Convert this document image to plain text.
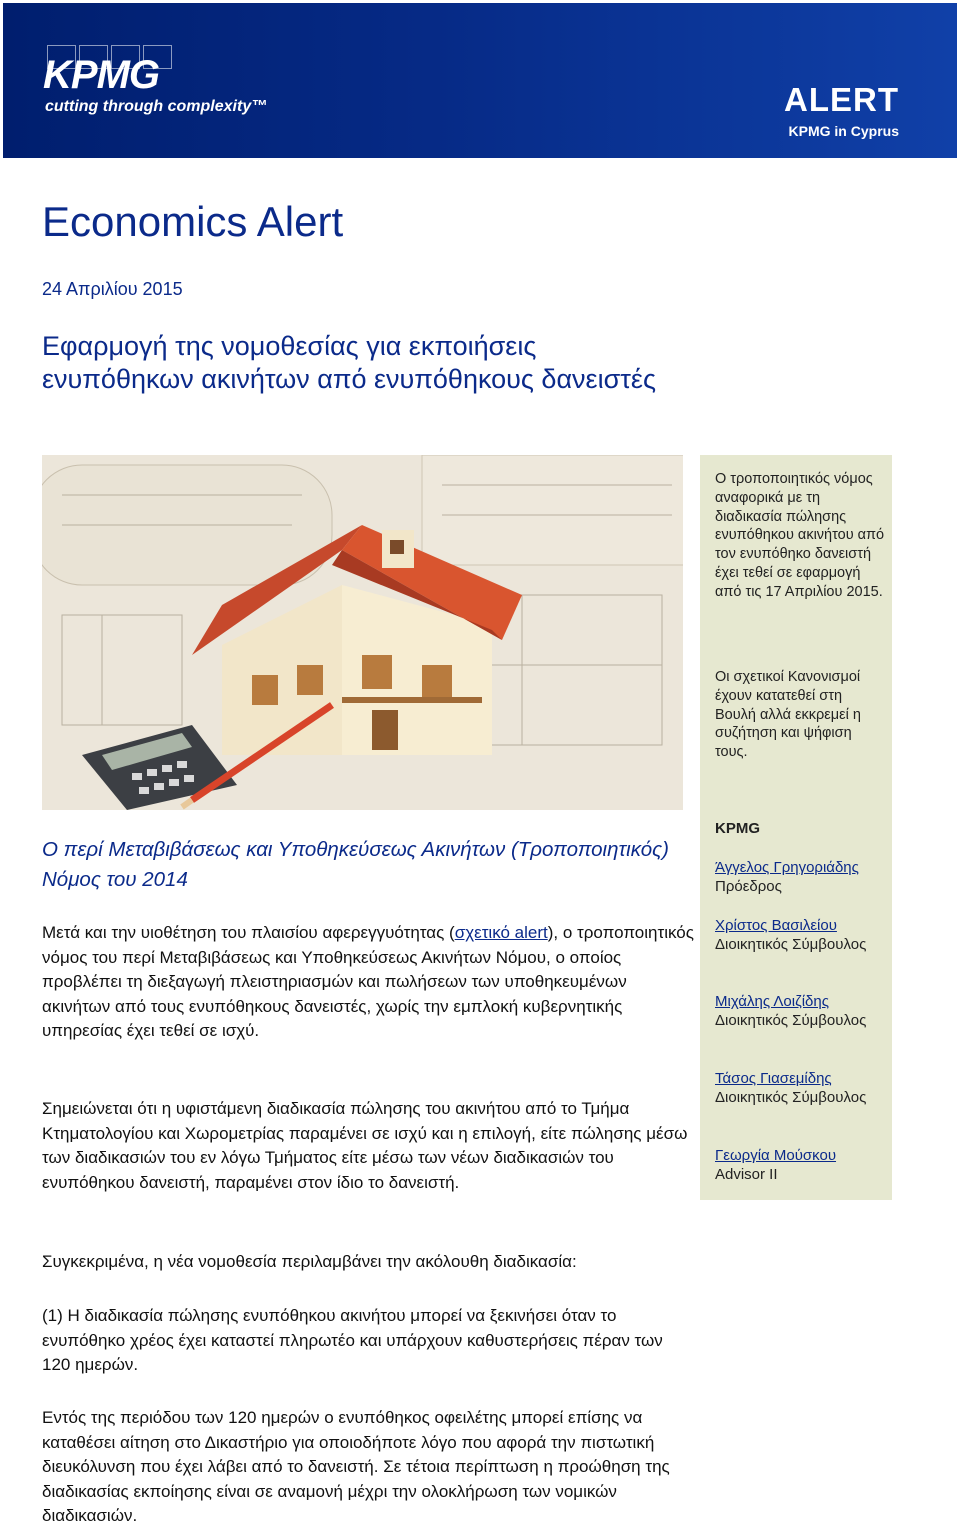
KPMG
cutting through complexity™	ALERT
KPMG in Cyprus
Economics Alert
24 Απριλίου 2015
Εφαρμογή της νομοθεσίας για εκποιήσεις ενυπόθηκων ακινήτων από ενυπόθηκους δανειστές

Ο τροποποιητικός νόμος αναφορικά με τη διαδικασία πώλησης ενυπόθηκου ακινήτου από τον ενυπόθηκο δανειστή έχει τεθεί σε εφαρμογή από τις 17 Απριλίου 2015.

Οι σχετικοί Κανονισμοί έχουν κατατεθεί στη Βουλή αλλά εκκρεμεί η συζήτηση και ψήφιση τους.

KPMG
Άγγελος Γρηγοριάδης
Πρόεδρος
Χρίστος Βασιλείου
Διοικητικός Σύμβουλος
Μιχάλης Λοιζίδης
Διοικητικός Σύμβουλος
Τάσος Γιασεμίδης
Διοικητικός Σύμβουλος
Γεωργία Μούσκου
Advisor II
Ο περί Μεταβιβάσεως και Υποθηκεύσεως Ακινήτων (Τροποποιητικός) Νόμος του 2014

Μετά και την υιοθέτηση του πλαισίου αφερεγγυότητας (σχετικό alert), ο τροποποιητικός νόμος του περί Μεταβιβάσεως και Υποθηκεύσεως Ακινήτων Νόμου, ο οποίος προβλέπει τη διεξαγωγή πλειστηριασμών και πωλήσεων των υποθηκευμένων ακινήτων από τους ενυπόθηκους δανειστές, χωρίς την εμπλοκή κυβερνητικής υπηρεσίας έχει τεθεί σε ισχύ.

Σημειώνεται ότι η υφιστάμενη διαδικασία πώλησης του ακινήτου από το Τμήμα Κτηματολογίου και Χωρομετρίας παραμένει σε ισχύ και η επιλογή, είτε πώλησης μέσω των διαδικασιών του εν λόγω Τμήματος είτε μέσω των νέων διαδικασιών του ενυπόθηκου δανειστή, παραμένει στον ίδιο το δανειστή.

Συγκεκριμένα, η νέα νομοθεσία περιλαμβάνει την ακόλουθη διαδικασία:

(1) Η διαδικασία πώλησης ενυπόθηκου ακινήτου μπορεί να ξεκινήσει όταν το ενυπόθηκο χρέος έχει καταστεί πληρωτέο και υπάρχουν καθυστερήσεις πέραν των 120 ημερών.

Εντός της περιόδου των 120 ημερών ο ενυπόθηκος οφειλέτης μπορεί επίσης να καταθέσει αίτηση στο Δικαστήριο για οποιοδήποτε λόγο που αφορά την πιστωτική διευκόλυνση που έχει λάβει από το δανειστή. Σε τέτοια περίπτωση η προώθηση της διαδικασίας εκποίησης είναι σε αναμονή μέχρι την ολοκλήρωση των νομικών διαδικασιών.
